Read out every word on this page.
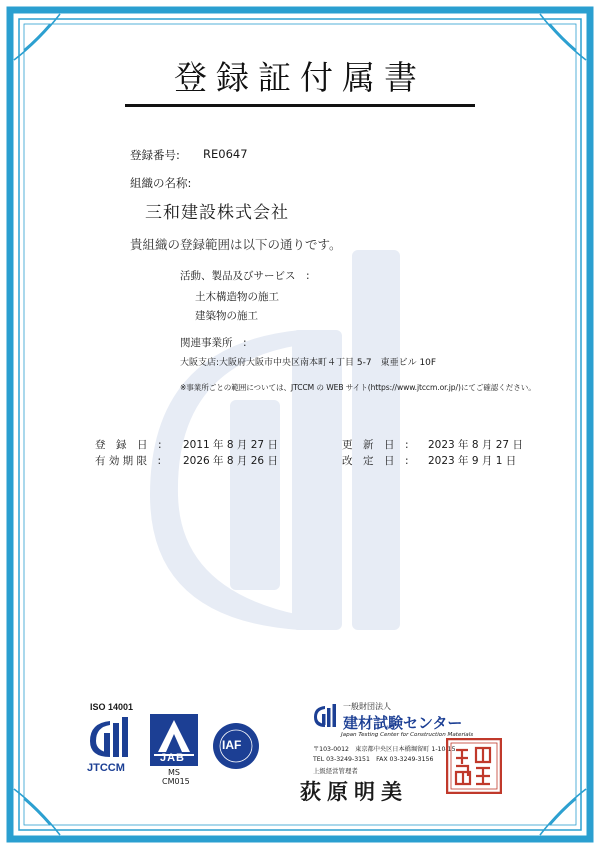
登録証付属書
登録番号: RE0647
組織の名称:
三和建設株式会社
貴組織の登録範囲は以下の通りです。
活動、製品及びサービス　:
土木構造物の施工
建築物の施工
関連事業所　:
大阪支店:大阪府大阪市中央区南本町４丁目 5-7　東亜ビル 10F
※事業所ごとの範囲については、JTCCM の WEB サイト(https://www.jtccm.or.jp/)にてご確認ください。
登　録　日　: 2011 年 8 月 27 日
有 効 期 限　: 2026 年 8 月 26 日
更　新　日　: 2023 年 8 月 27 日
改　定　日　: 2023 年 9 月 1 日
ISO 14001
JTCCM
JAB
MS
CM015
IAF
一般財団法人
建材試験センター
Japan Testing Center for Construction Materials
〒103-0012　東京都中央区日本橋堀留町 1-10-15
TEL 03-3249-3151　FAX 03-3249-3156
上級経営管理者
荻原明美
